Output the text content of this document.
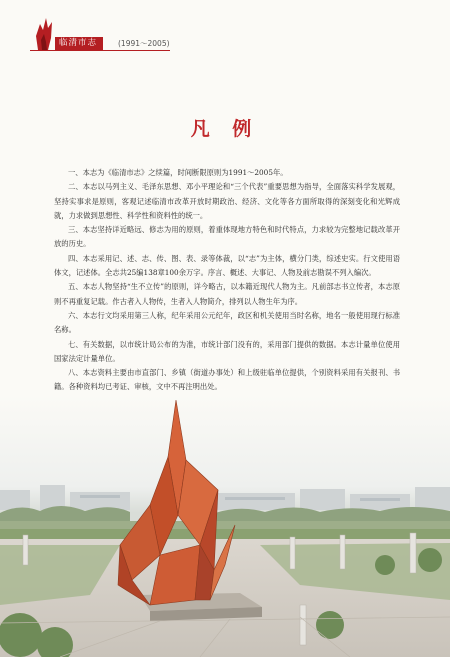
临清市志	(1991～2005)
凡 例

一、本志为《临清市志》之续篇，时间断限原则为1991～2005年。

二、本志以马列主义、毛泽东思想、邓小平理论和“三个代表”重要思想为指导，全面落实科学发展观，坚持实事求是原则，客观记述临清市改革开放时期政治、经济、文化等各方面所取得的深刻变化和光辉成就，力求做到思想性、科学性和资料性的统一。

三、本志坚持详近略远、修志为用的原则，着重体现地方特色和时代特点，力求较为完整地记载改革开放的历史。

四、本志采用记、述、志、传、图、表、录等体裁，以“志”为主体，横分门类，综述史实。行文使用语体文，记述体。全志共25编138章100余万字。序言、概述、大事记、人物及前志勘误不列入编次。

五、本志人物坚持“生不立传”的原则，详今略古，以本籍近现代人物为主。凡前部志书立传者，本志原则不再重复记载。作古者入人物传，生者入人物简介，排列以人物生年为序。

六、本志行文均采用第三人称，纪年采用公元纪年，政区和机关使用当时名称，地名一般使用现行标准名称。

七、有关数据，以市统计局公布的为准，市统计部门没有的，采用部门提供的数据。本志计量单位使用国家法定计量单位。

八、本志资料主要由市直部门、乡镇（街道办事处）和上级驻临单位提供，个别资料采用有关报刊、书籍。各种资料均已考证、审核，文中不再注明出处。
